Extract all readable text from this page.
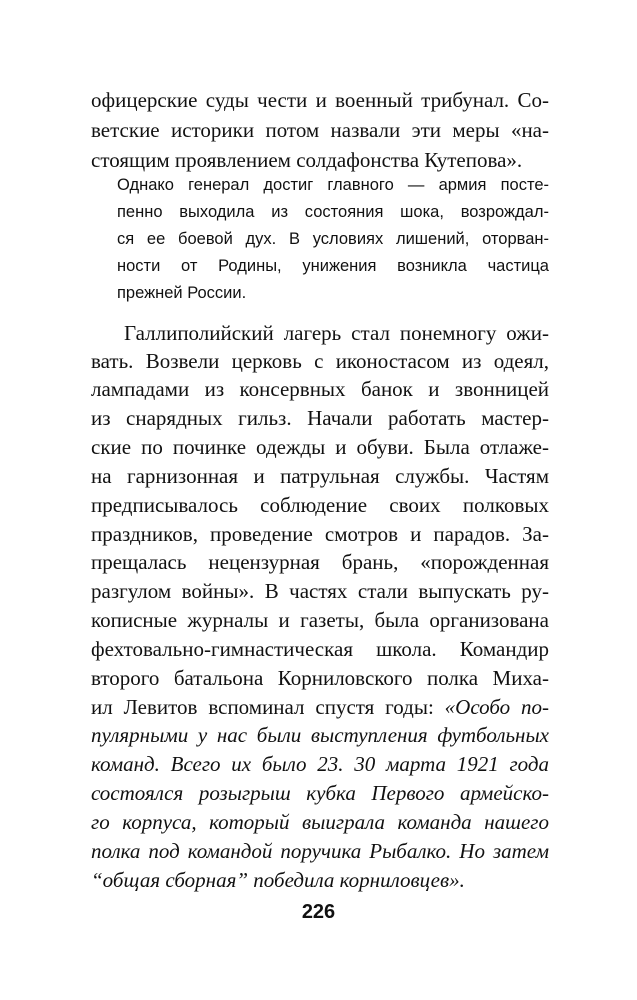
офицерские суды чести и военный трибунал. Со-
ветские историки потом назвали эти меры «на-
стоящим проявлением солдафонства Кутепова».
Однако генерал достиг главного — армия посте-
пенно выходила из состояния шока, возрождал-
ся ее боевой дух. В условиях лишений, оторван-
ности от Родины, унижения возникла частица
прежней России.
Галлиполийский лагерь стал понемногу ожи-
вать. Возвели церковь с иконостасом из одеял,
лампадами из консервных банок и звонницей
из снарядных гильз. Начали работать мастер-
ские по починке одежды и обуви. Была отлаже-
на гарнизонная и патрульная службы. Частям
предписывалось соблюдение своих полковых
праздников, проведение смотров и парадов. За-
прещалась нецензурная брань, «порожденная
разгулом войны». В частях стали выпускать ру-
кописные журналы и газеты, была организована
фехтовально-гимнастическая школа. Командир
второго батальона Корниловского полка Миха-
ил Левитов вспоминал спустя годы: «Особо по-
пулярными у нас были выступления футбольных
команд. Всего их было 23. 30 марта 1921 года
состоялся розыгрыш кубка Первого армейско-
го корпуса, который выиграла команда нашего
полка под командой поручика Рыбалко. Но затем
“общая сборная” победила корниловцев».
226
